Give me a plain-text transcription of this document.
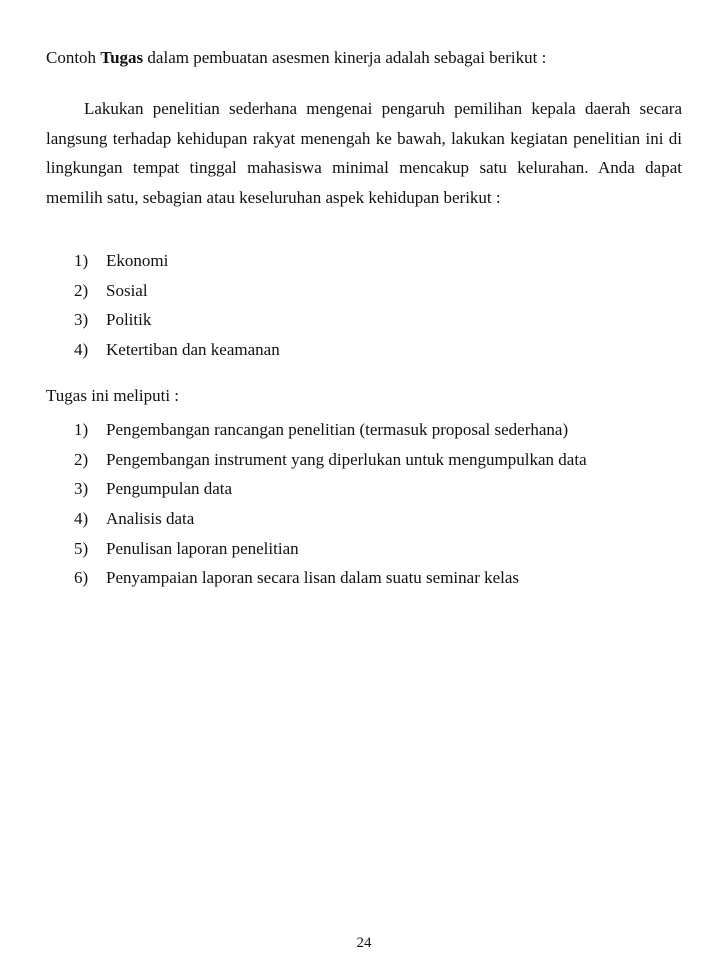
Contoh Tugas dalam pembuatan asesmen kinerja adalah sebagai berikut :

Lakukan penelitian sederhana mengenai pengaruh pemilihan kepala daerah secara langsung terhadap kehidupan rakyat menengah ke bawah, lakukan kegiatan penelitian ini di lingkungan tempat tinggal mahasiswa minimal mencakup satu kelurahan. Anda dapat memilih satu, sebagian atau keseluruhan aspek kehidupan berikut :

1) Ekonomi
2) Sosial
3) Politik
4) Ketertiban dan keamanan
Tugas ini meliputi :
1) Pengembangan rancangan penelitian (termasuk proposal sederhana)
2) Pengembangan instrument yang diperlukan untuk mengumpulkan data
3) Pengumpulan data
4) Analisis data
5) Penulisan laporan penelitian
6) Penyampaian laporan secara lisan dalam suatu seminar kelas
24
